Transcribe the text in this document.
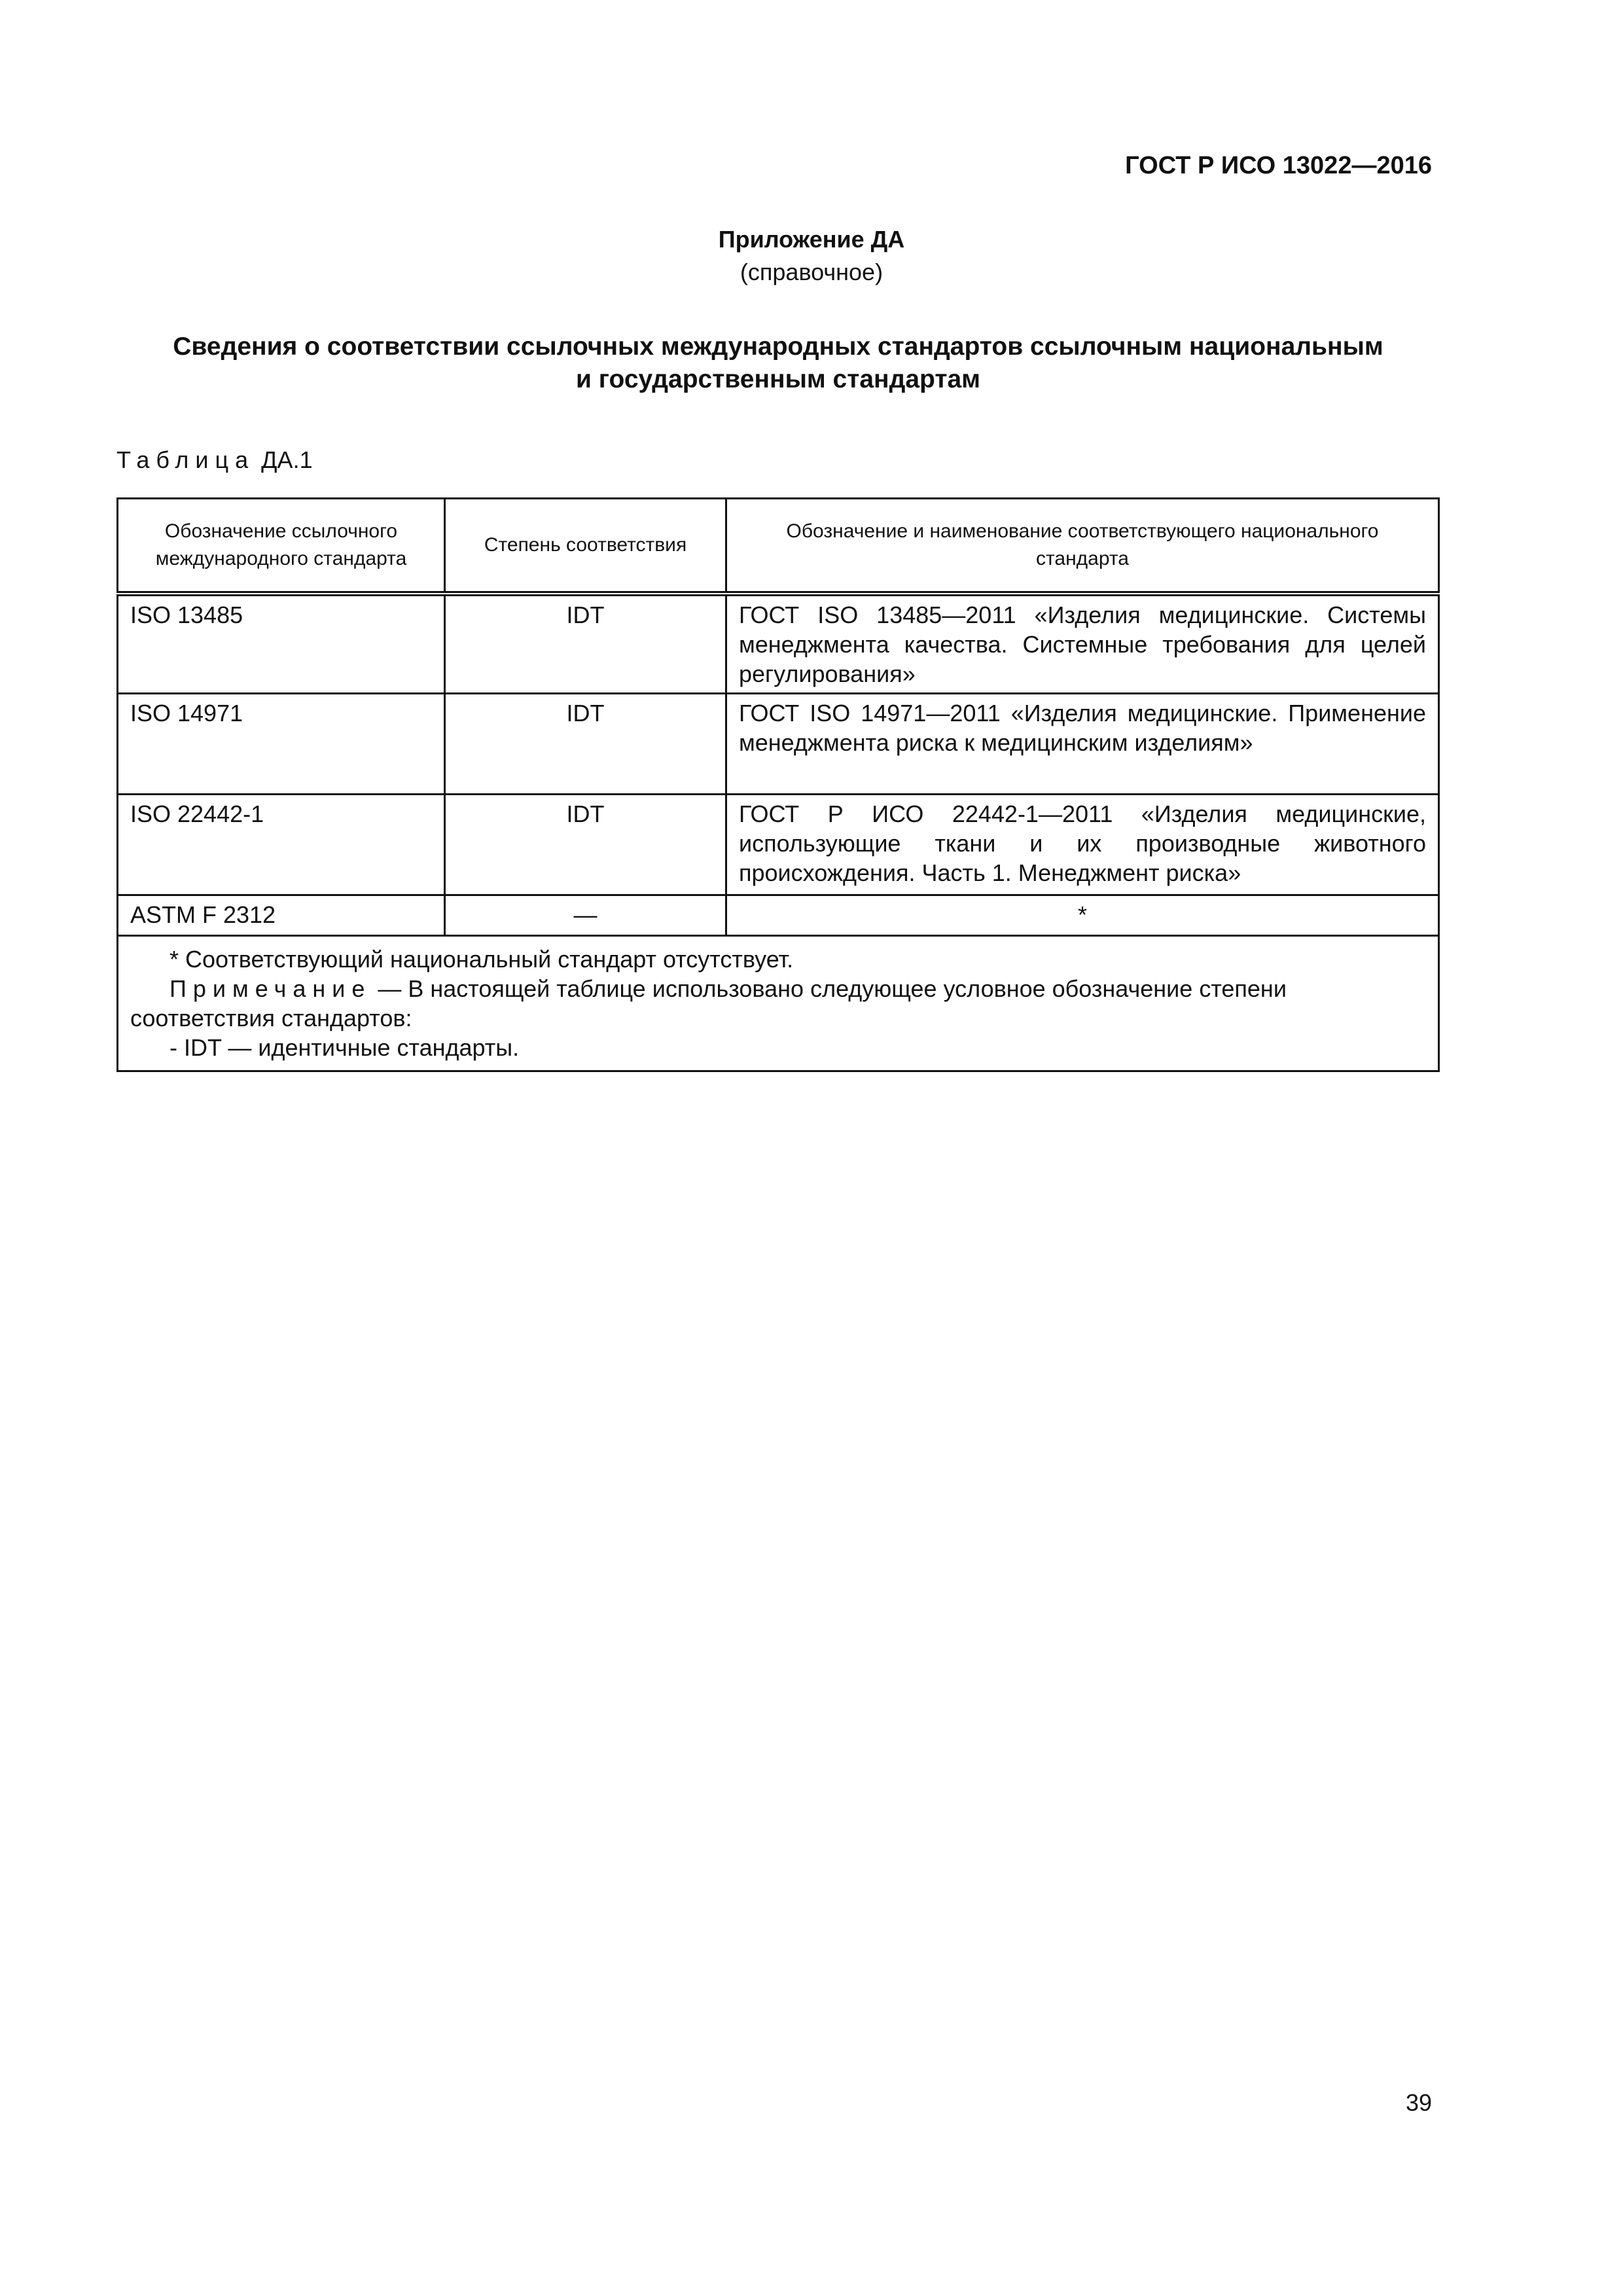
ГОСТ Р ИСО 13022—2016
Приложение ДА
(справочное)
Сведения о соответствии ссылочных международных стандартов ссылочным национальным
и государственным стандартам
Таблица ДА.1
Обозначение ссылочного международного стандарта	Степень соответствия	Обозначение и наименование соответствующего национального стандарта
ISO 13485	IDT	ГОСТ ISO 13485—2011 «Изделия медицинские. Системы менеджмента качества. Системные требования для целей регулирования»
ISO 14971	IDT	ГОСТ ISO 14971—2011 «Изделия медицинские. Применение менеджмента риска к медицинским изделиям»
ISO 22442-1	IDT	ГОСТ Р ИСО 22442-1—2011 «Изделия медицинские, использующие ткани и их производные животного происхождения. Часть 1. Менеджмент риска»
ASTM F 2312	—	*

* Соответствующий национальный стандарт отсутствует.

Примечание — В настоящей таблице использовано следующее условное обозначение степени соответствия стандартов:

- IDT — идентичные стандарты.		

39
